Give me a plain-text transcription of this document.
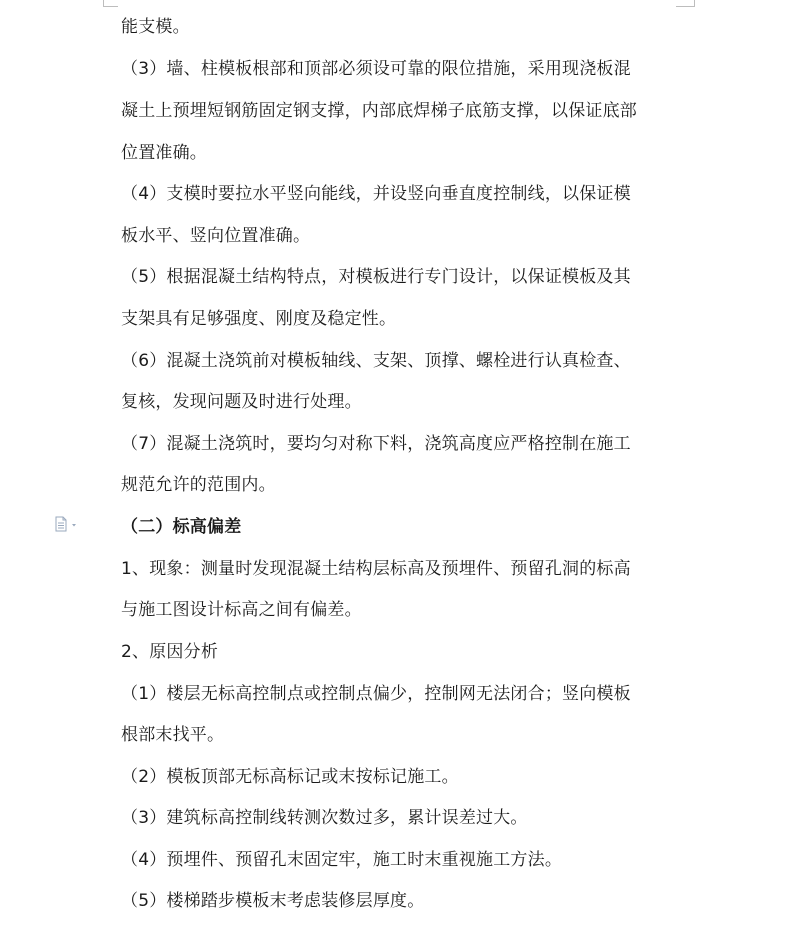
能支模。
（3）墙、柱模板根部和顶部必须设可靠的限位措施，采用现浇板混
凝土上预埋短钢筋固定钢支撑，内部底焊梯子底筋支撑，以保证底部
位置准确。
（4）支模时要拉水平竖向能线，并设竖向垂直度控制线，以保证模
板水平、竖向位置准确。
（5）根据混凝土结构特点，对模板进行专门设计，以保证模板及其
支架具有足够强度、刚度及稳定性。
（6）混凝土浇筑前对模板轴线、支架、顶撑、螺栓进行认真检查、
复核，发现问题及时进行处理。
（7）混凝土浇筑时，要均匀对称下料，浇筑高度应严格控制在施工
规范允许的范围内。
（二）标高偏差
1、现象：测量时发现混凝土结构层标高及预埋件、预留孔洞的标高
与施工图设计标高之间有偏差。
2、原因分析
（1）楼层无标高控制点或控制点偏少，控制网无法闭合；竖向模板
根部末找平。
（2）模板顶部无标高标记或末按标记施工。
（3）建筑标高控制线转测次数过多，累计误差过大。
（4）预埋件、预留孔末固定牢，施工时末重视施工方法。
（5）楼梯踏步模板末考虑装修层厚度。
